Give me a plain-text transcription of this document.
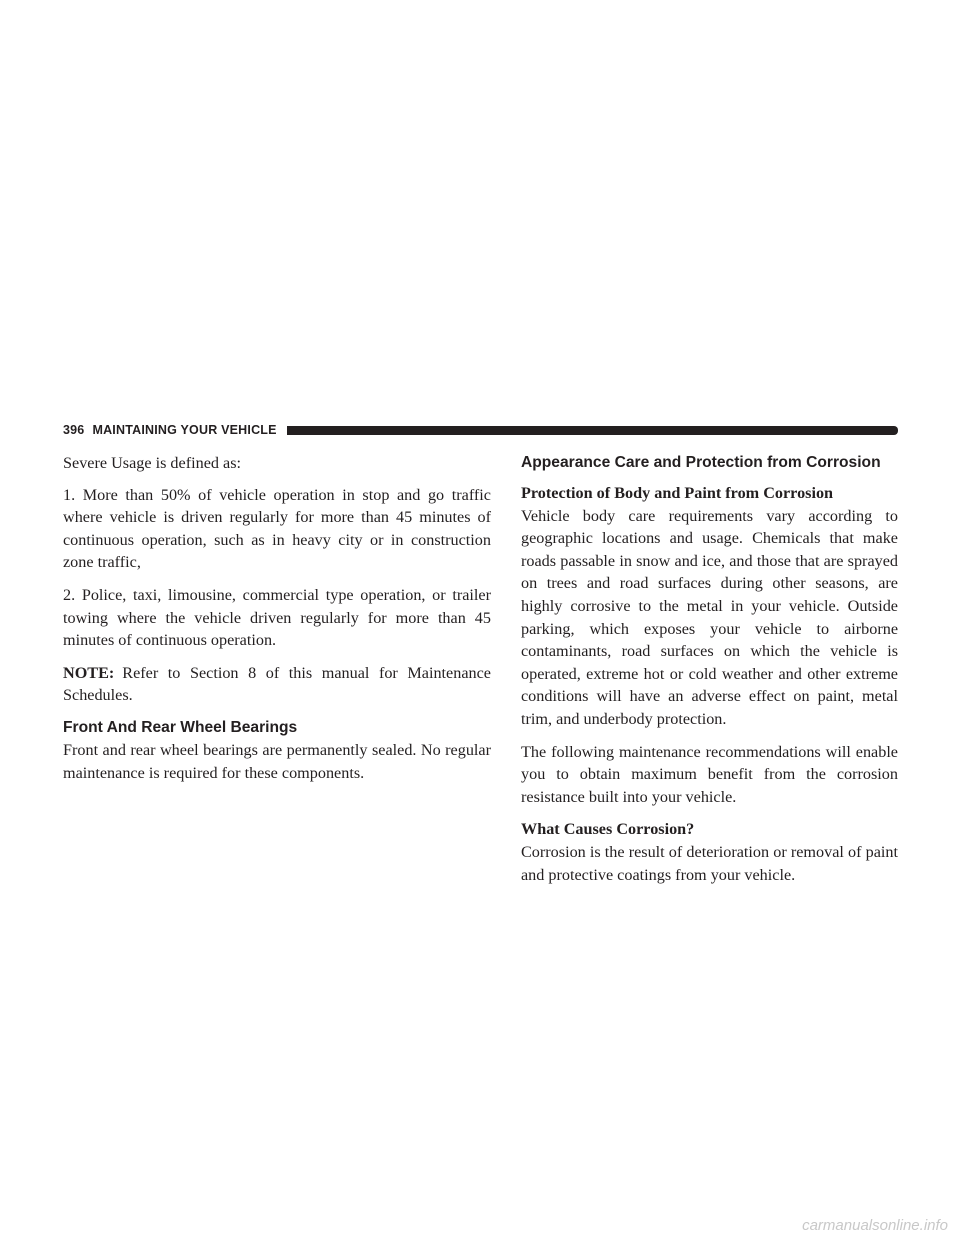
396 MAINTAINING YOUR VEHICLE

Severe Usage is defined as:

1. More than 50% of vehicle operation in stop and go traffic where vehicle is driven regularly for more than 45 minutes of continuous operation, such as in heavy city or in construction zone traffic,

2. Police, taxi, limousine, commercial type operation, or trailer towing where the vehicle driven regularly for more than 45 minutes of continuous operation.

NOTE: Refer to Section 8 of this manual for Maintenance Schedules.

Front And Rear Wheel Bearings

Front and rear wheel bearings are permanently sealed. No regular maintenance is required for these components.

Appearance Care and Protection from Corrosion
Protection of Body and Paint from Corrosion

Vehicle body care requirements vary according to geographic locations and usage. Chemicals that make roads passable in snow and ice, and those that are sprayed on trees and road surfaces during other seasons, are highly corrosive to the metal in your vehicle. Outside parking, which exposes your vehicle to airborne contaminants, road surfaces on which the vehicle is operated, extreme hot or cold weather and other extreme conditions will have an adverse effect on paint, metal trim, and underbody protection.

The following maintenance recommendations will enable you to obtain maximum benefit from the corrosion resistance built into your vehicle.

What Causes Corrosion?

Corrosion is the result of deterioration or removal of paint and protective coatings from your vehicle.

carmanualsonline.info
